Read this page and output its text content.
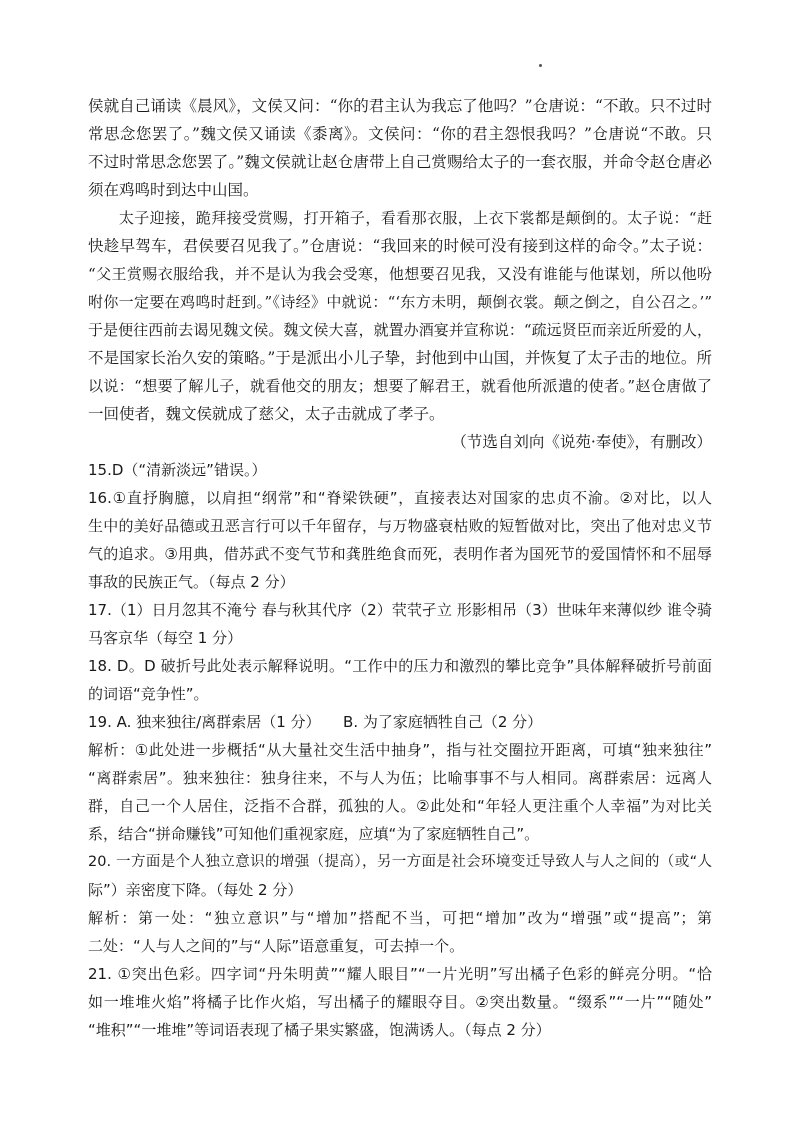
侯就自己诵读《晨风》，文侯又问：“你的君主认为我忘了他吗？”仓唐说：“不敢。只不过时
常思念您罢了。”魏文侯又诵读《黍离》。文侯问：“你的君主怨恨我吗？”仓唐说“不敢。只
不过时常思念您罢了。”魏文侯就让赵仓唐带上自己赏赐给太子的一套衣服，并命令赵仓唐必
须在鸡鸣时到达中山国。
　　太子迎接，跪拜接受赏赐，打开箱子，看看那衣服，上衣下裳都是颠倒的。太子说：“赶
快趁早驾车，君侯要召见我了。”仓唐说：“我回来的时候可没有接到这样的命令。”太子说：
“父王赏赐衣服给我，并不是认为我会受寒，他想要召见我，又没有谁能与他谋划，所以他吩
咐你一定要在鸡鸣时赶到。”《诗经》中就说：“‘东方未明，颠倒衣裳。颠之倒之，自公召之。’”
于是便往西前去谒见魏文侯。魏文侯大喜，就置办酒宴并宣称说：“疏远贤臣而亲近所爱的人，
不是国家长治久安的策略。”于是派出小儿子挚，封他到中山国，并恢复了太子击的地位。所
以说：“想要了解儿子，就看他交的朋友；想要了解君王，就看他所派遣的使者。”赵仓唐做了
一回使者，魏文侯就成了慈父，太子击就成了孝子。
（节选自刘向《说苑·奉使》，有删改）
15.D（“清新淡远”错误。）
16.①直抒胸臆，以肩担“纲常”和“脊梁铁硬”，直接表达对国家的忠贞不渝。②对比，以人
生中的美好品德或丑恶言行可以千年留存，与万物盛衰枯败的短暂做对比，突出了他对忠义节
气的追求。③用典，借苏武不变气节和龚胜绝食而死，表明作者为国死节的爱国情怀和不屈辱
事敌的民族正气。（每点 2 分）
17.（1）日月忽其不淹兮 春与秋其代序（2）茕茕孑立 形影相吊（3）世味年来薄似纱 谁令骑
马客京华（每空 1 分）
18. D。D 破折号此处表示解释说明。“工作中的压力和激烈的攀比竞争”具体解释破折号前面
的词语“竞争性”。
19. A. 独来独往/离群索居（1 分）　　B. 为了家庭牺牲自己（2 分）
解析：①此处进一步概括“从大量社交生活中抽身”，指与社交圈拉开距离，可填“独来独往”
“离群索居”。独来独往：独身往来，不与人为伍；比喻事事不与人相同。离群索居：远离人
群，自己一个人居住，泛指不合群，孤独的人。②此处和“年轻人更注重个人幸福”为对比关
系，结合“拼命赚钱”可知他们重视家庭，应填“为了家庭牺牲自己”。
20. 一方面是个人独立意识的增强（提高），另一方面是社会环境变迁导致人与人之间的（或“人
际”）亲密度下降。（每处 2 分）
解析：第一处：“独立意识”与“增加”搭配不当，可把“增加”改为“增强”或“提高”；第
二处：“人与人之间的”与“人际”语意重复，可去掉一个。
21. ①突出色彩。四字词“丹朱明黄”“耀人眼目”“一片光明”写出橘子色彩的鲜亮分明。“恰
如一堆堆火焰”将橘子比作火焰，写出橘子的耀眼夺目。②突出数量。“缀系”“一片”“随处”
“堆积”“一堆堆”等词语表现了橘子果实繁盛，饱满诱人。（每点 2 分）
